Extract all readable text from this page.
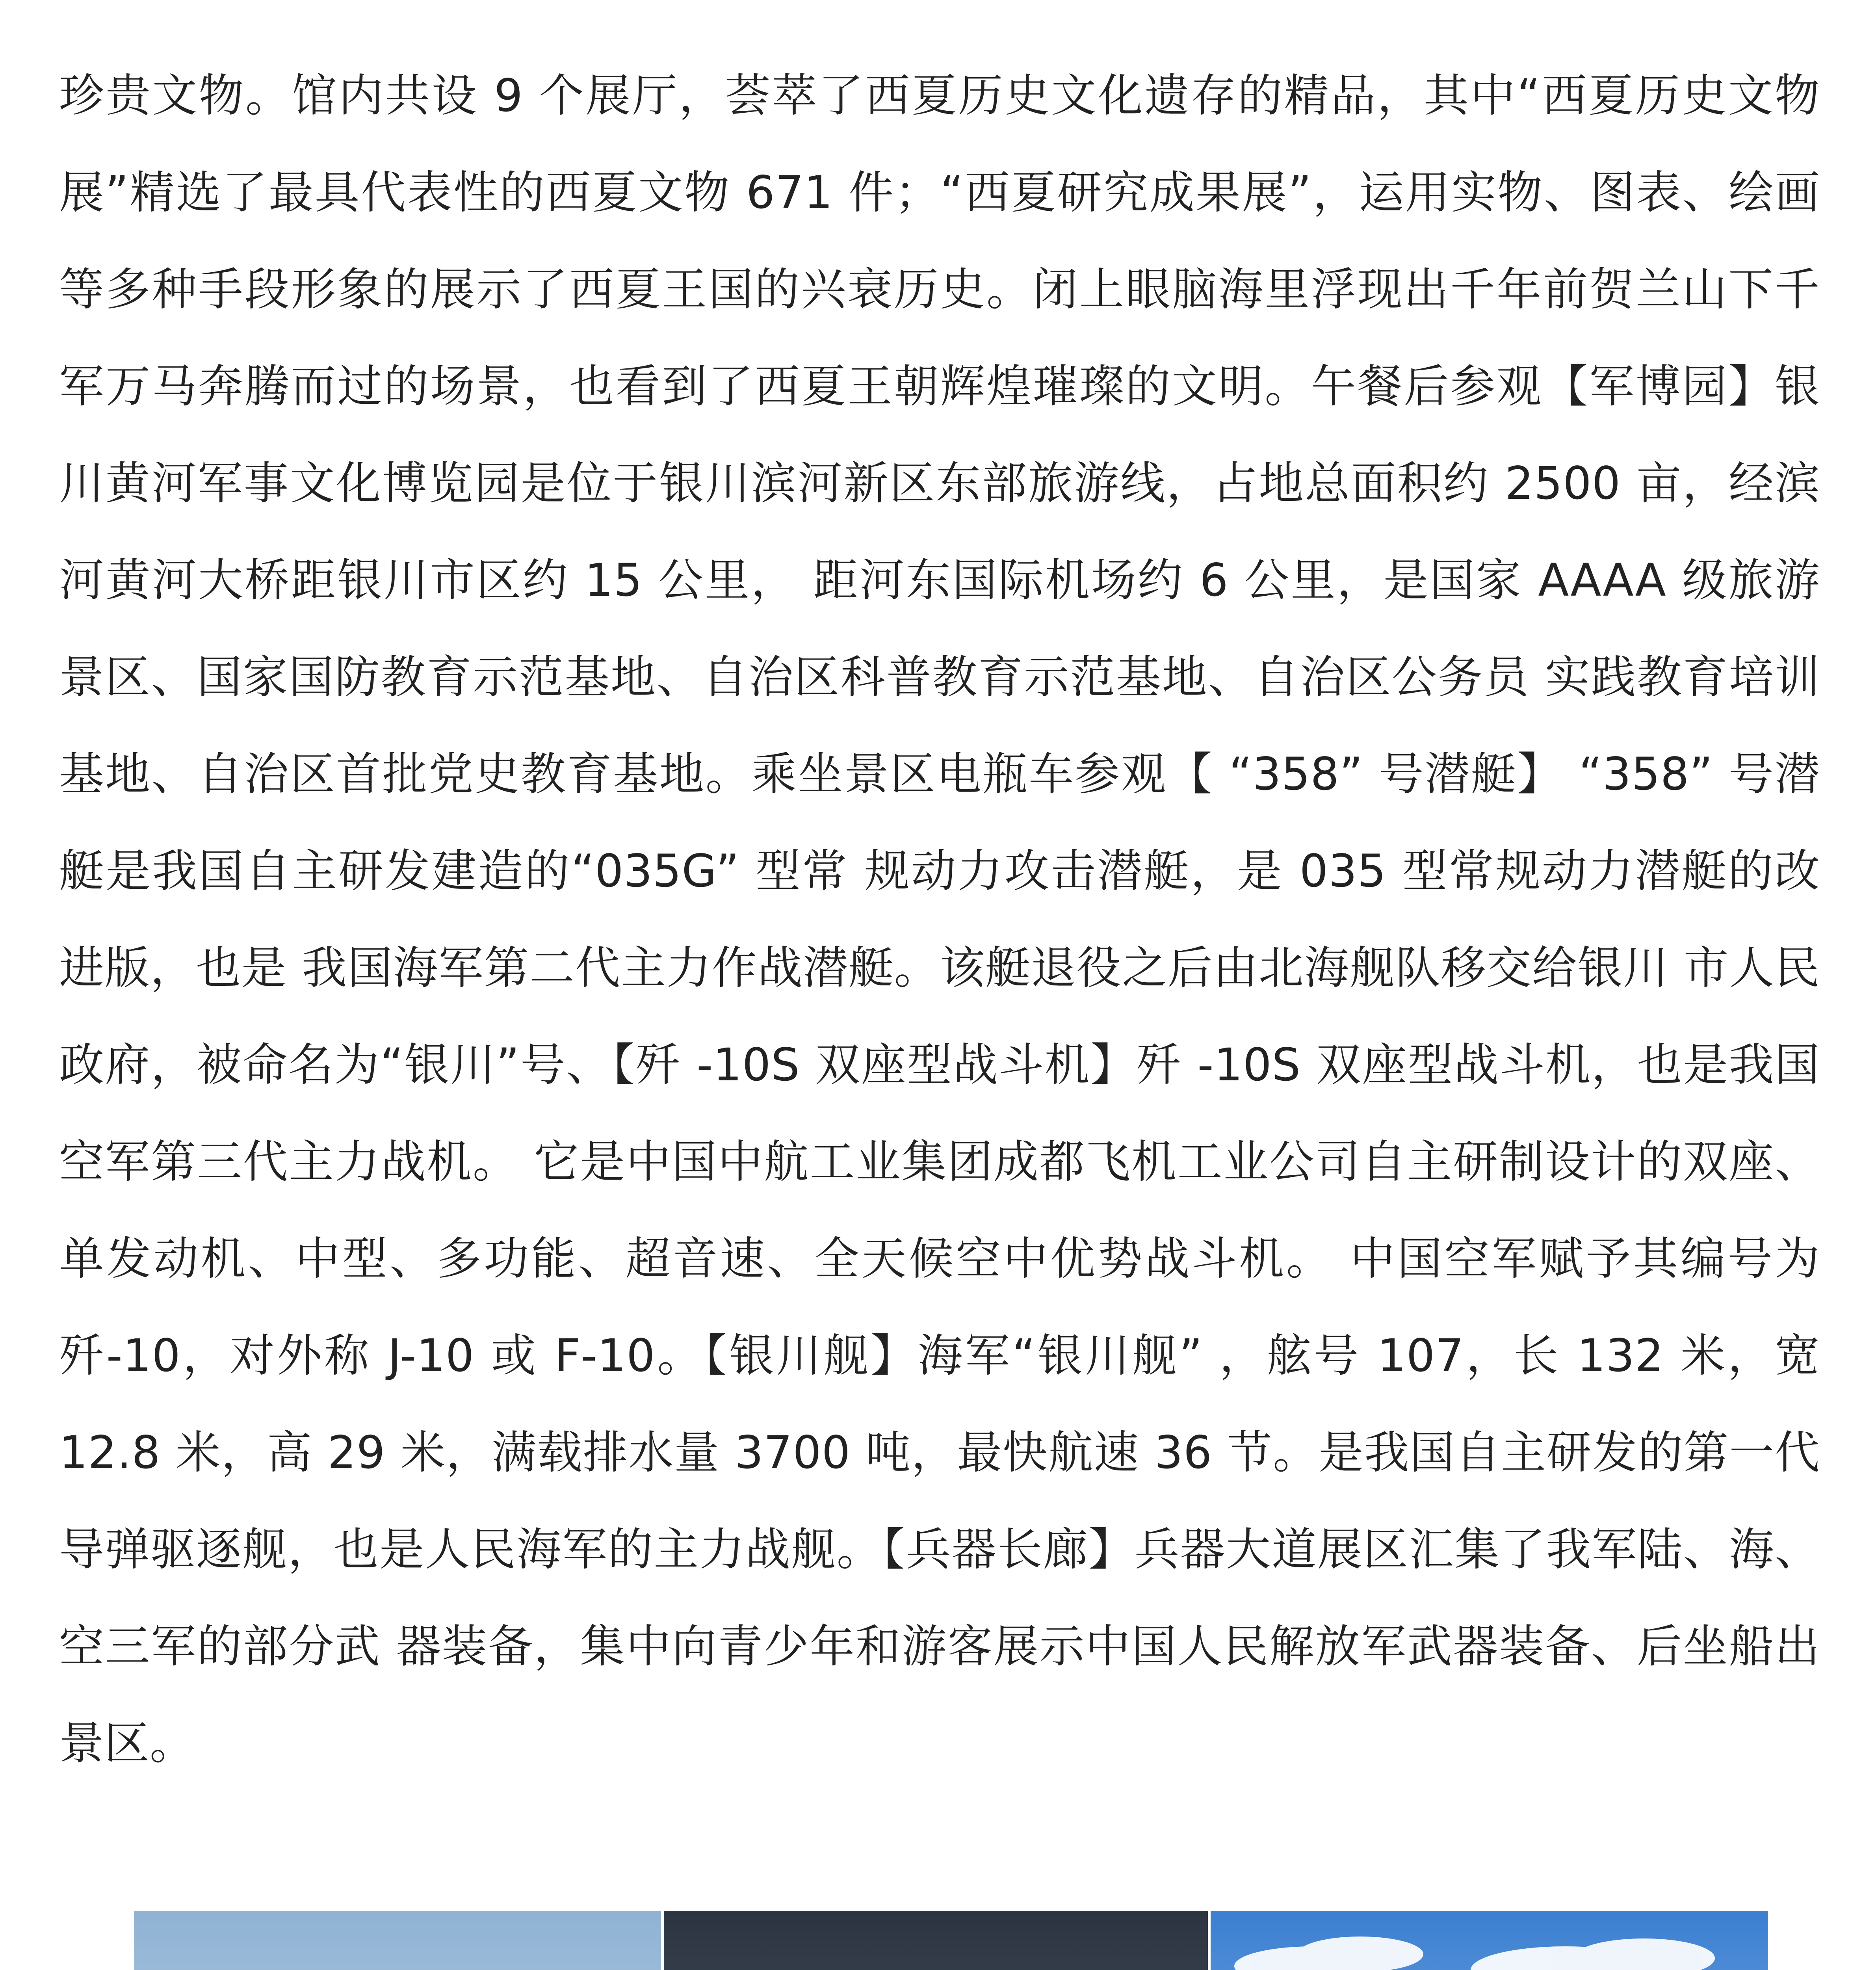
珍贵文物。馆内共设 9 个展厅，荟萃了西夏历史文化遗存的精品，其中“西夏历史文物展”精选了最具代表性的西夏文物 671 件；“西夏研究成果展”，运用实物、图表、绘画等多种手段形象的展示了西夏王国的兴衰历史。闭上眼脑海里浮现出千年前贺兰山下千军万马奔腾而过的场景，也看到了西夏王朝辉煌璀璨的文明。午餐后参观【军博园】银川黄河军事文化博览园是位于银川滨河新区东部旅游线，占地总面积约 2500 亩，经滨河黄河大桥距银川市区约 15 公里， 距河东国际机场约 6 公里，是国家 AAAA 级旅游景区、国家国防教育示范基地、自治区科普教育示范基地、自治区公务员 实践教育培训基地、自治区首批党史教育基地。乘坐景区电瓶车参观【 “358” 号潜艇】 “358” 号潜艇是我国自主研发建造的“035G” 型常 规动力攻击潜艇，是 035 型常规动力潜艇的改进版，也是 我国海军第二代主力作战潜艇。该艇退役之后由北海舰队移交给银川 市人民政府，被命名为“银川”号、【歼 -10S 双座型战斗机】歼 -10S 双座型战斗机，也是我国空军第三代主力战机。 它是中国中航工业集团成都飞机工业公司自主研制设计的双座、 单发动机、中型、多功能、超音速、全天候空中优势战斗机。 中国空军赋予其编号为歼-10，对外称 J-10 或 F-10。【银川舰】海军“银川舰” ，舷号 107，长 132 米，宽 12.8 米，高 29 米，满载排水量 3700 吨，最快航速 36 节。是我国自主研发的第一代导弹驱逐舰，也是人民海军的主力战舰。【兵器长廊】兵器大道展区汇集了我军陆、海、空三军的部分武 器装备，集中向青少年和游客展示中国人民解放军武器装备、后坐船出景区。
